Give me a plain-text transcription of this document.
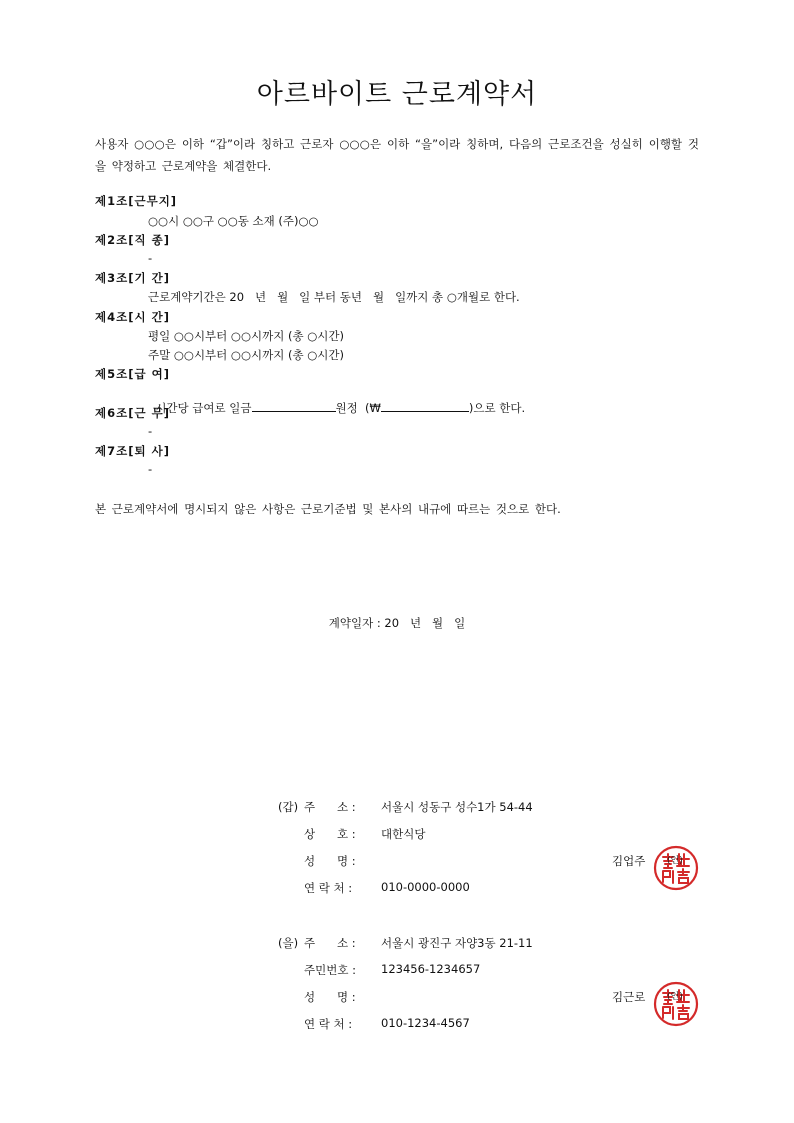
아르바이트 근로계약서
사용자 ○○○은 이하 “갑”이라 칭하고 근로자 ○○○은 이하 “을”이라 칭하며, 다음의 근로조건을 성실히 이행할 것을 약정하고 근로계약을 체결한다.
제1조[근무지]
○○시 ○○구 ○○동 소재 (주)○○
제2조[직 종]
-
제3조[기 간]
근로계약기간은 20   년   월   일 부터 동년   월   일까지 총 ○개월로 한다.
제4조[시 간]
평일 ○○시부터 ○○시까지 (총 ○시간)
주말 ○○시부터 ○○시까지 (총 ○시간)
제5조[급 여]

시간당 급여로 일금	원정  (₩	)으로 한다.

제6조[근 무]
-
제7조[퇴 사]
-
본 근로계약서에 명시되지 않은 사항은 근로기준법 및 본사의 내규에 따르는 것으로 한다.
계약일자 : 20   년   월   일
(갑) 주      소 :	서울시 성동구 성수1가 54-44
상      호 :	대한식당
성      명 :	김업주
연 락 처 :	010-0000-0000
(인)
(을) 주      소 :	서울시 광진구 자양3동 21-11
주민번호 :	123456-1234657
성      명 :	김근로
연 락 처 :	010-1234-4567
(인)
